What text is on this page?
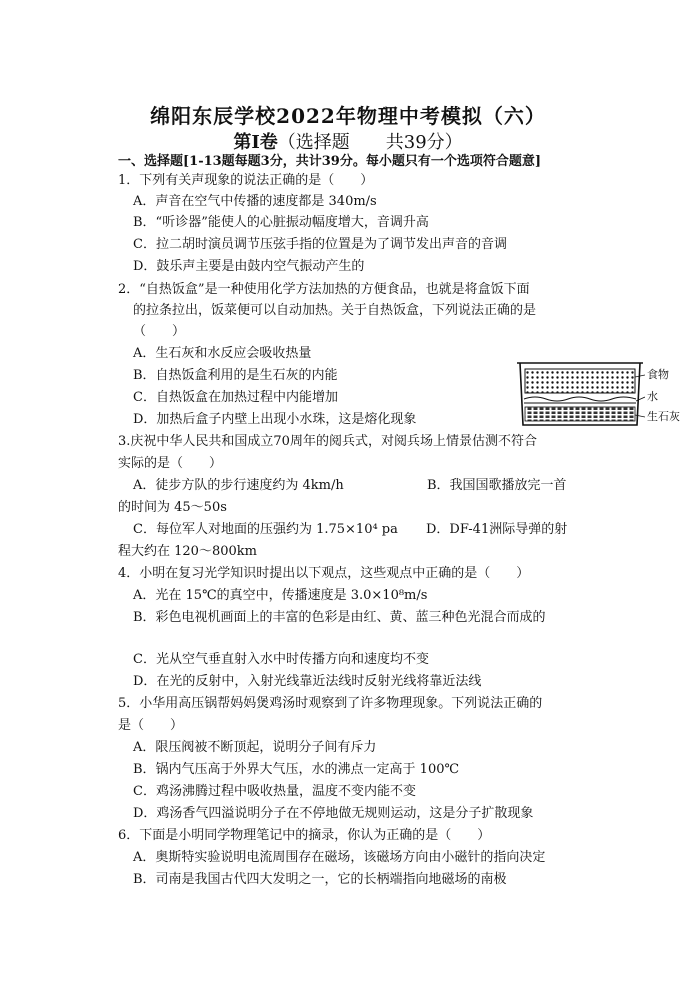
绵阳东辰学校2022年物理中考模拟（六）
第Ⅰ卷（选择题　　共39分）
一、选择题[1-13题每题3分，共计39分。每小题只有一个选项符合题意]
1．下列有关声现象的说法正确的是（　　）
A．声音在空气中传播的速度都是 340m/s
B．“听诊器”能使人的心脏振动幅度增大，音调升高
C．拉二胡时演员调节压弦手指的位置是为了调节发出声音的音调
D．鼓乐声主要是由鼓内空气振动产生的
2．“自热饭盒”是一种使用化学方法加热的方便食品，也就是将盒饭下面
的拉条拉出，饭菜便可以自动加热。关于自热饭盒，下列说法正确的是
（　　）
A．生石灰和水反应会吸收热量
B．自热饭盒利用的是生石灰的内能
C．自热饭盒在加热过程中内能增加
D．加热后盒子内壁上出现小水珠，这是熔化现象
食物
水
生石灰
3.庆祝中华人民共和国成立70周年的阅兵式，对阅兵场上情景估测不符合
实际的是（　　）
A．徒步方队的步行速度约为 4km/h	B．我国国歌播放完一首
的时间为 45～50s
C．每位军人对地面的压强约为 1.75×10⁴ pa D．DF-41洲际导弹的射
程大约在 120～800km
4．小明在复习光学知识时提出以下观点，这些观点中正确的是（　　）
A．光在 15℃的真空中，传播速度是 3.0×10⁸m/s
B．彩色电视机画面上的丰富的色彩是由红、黄、蓝三种色光混合而成的
C．光从空气垂直射入水中时传播方向和速度均不变
D．在光的反射中，入射光线靠近法线时反射光线将靠近法线
5．小华用高压锅帮妈妈煲鸡汤时观察到了许多物理现象。下列说法正确的
是（　　）
A．限压阀被不断顶起，说明分子间有斥力
B．锅内气压高于外界大气压，水的沸点一定高于 100℃
C．鸡汤沸腾过程中吸收热量，温度不变内能不变
D．鸡汤香气四溢说明分子在不停地做无规则运动，这是分子扩散现象
6．下面是小明同学物理笔记中的摘录，你认为正确的是（　　）
A．奥斯特实验说明电流周围存在磁场，该磁场方向由小磁针的指向决定
B．司南是我国古代四大发明之一，它的长柄端指向地磁场的南极
